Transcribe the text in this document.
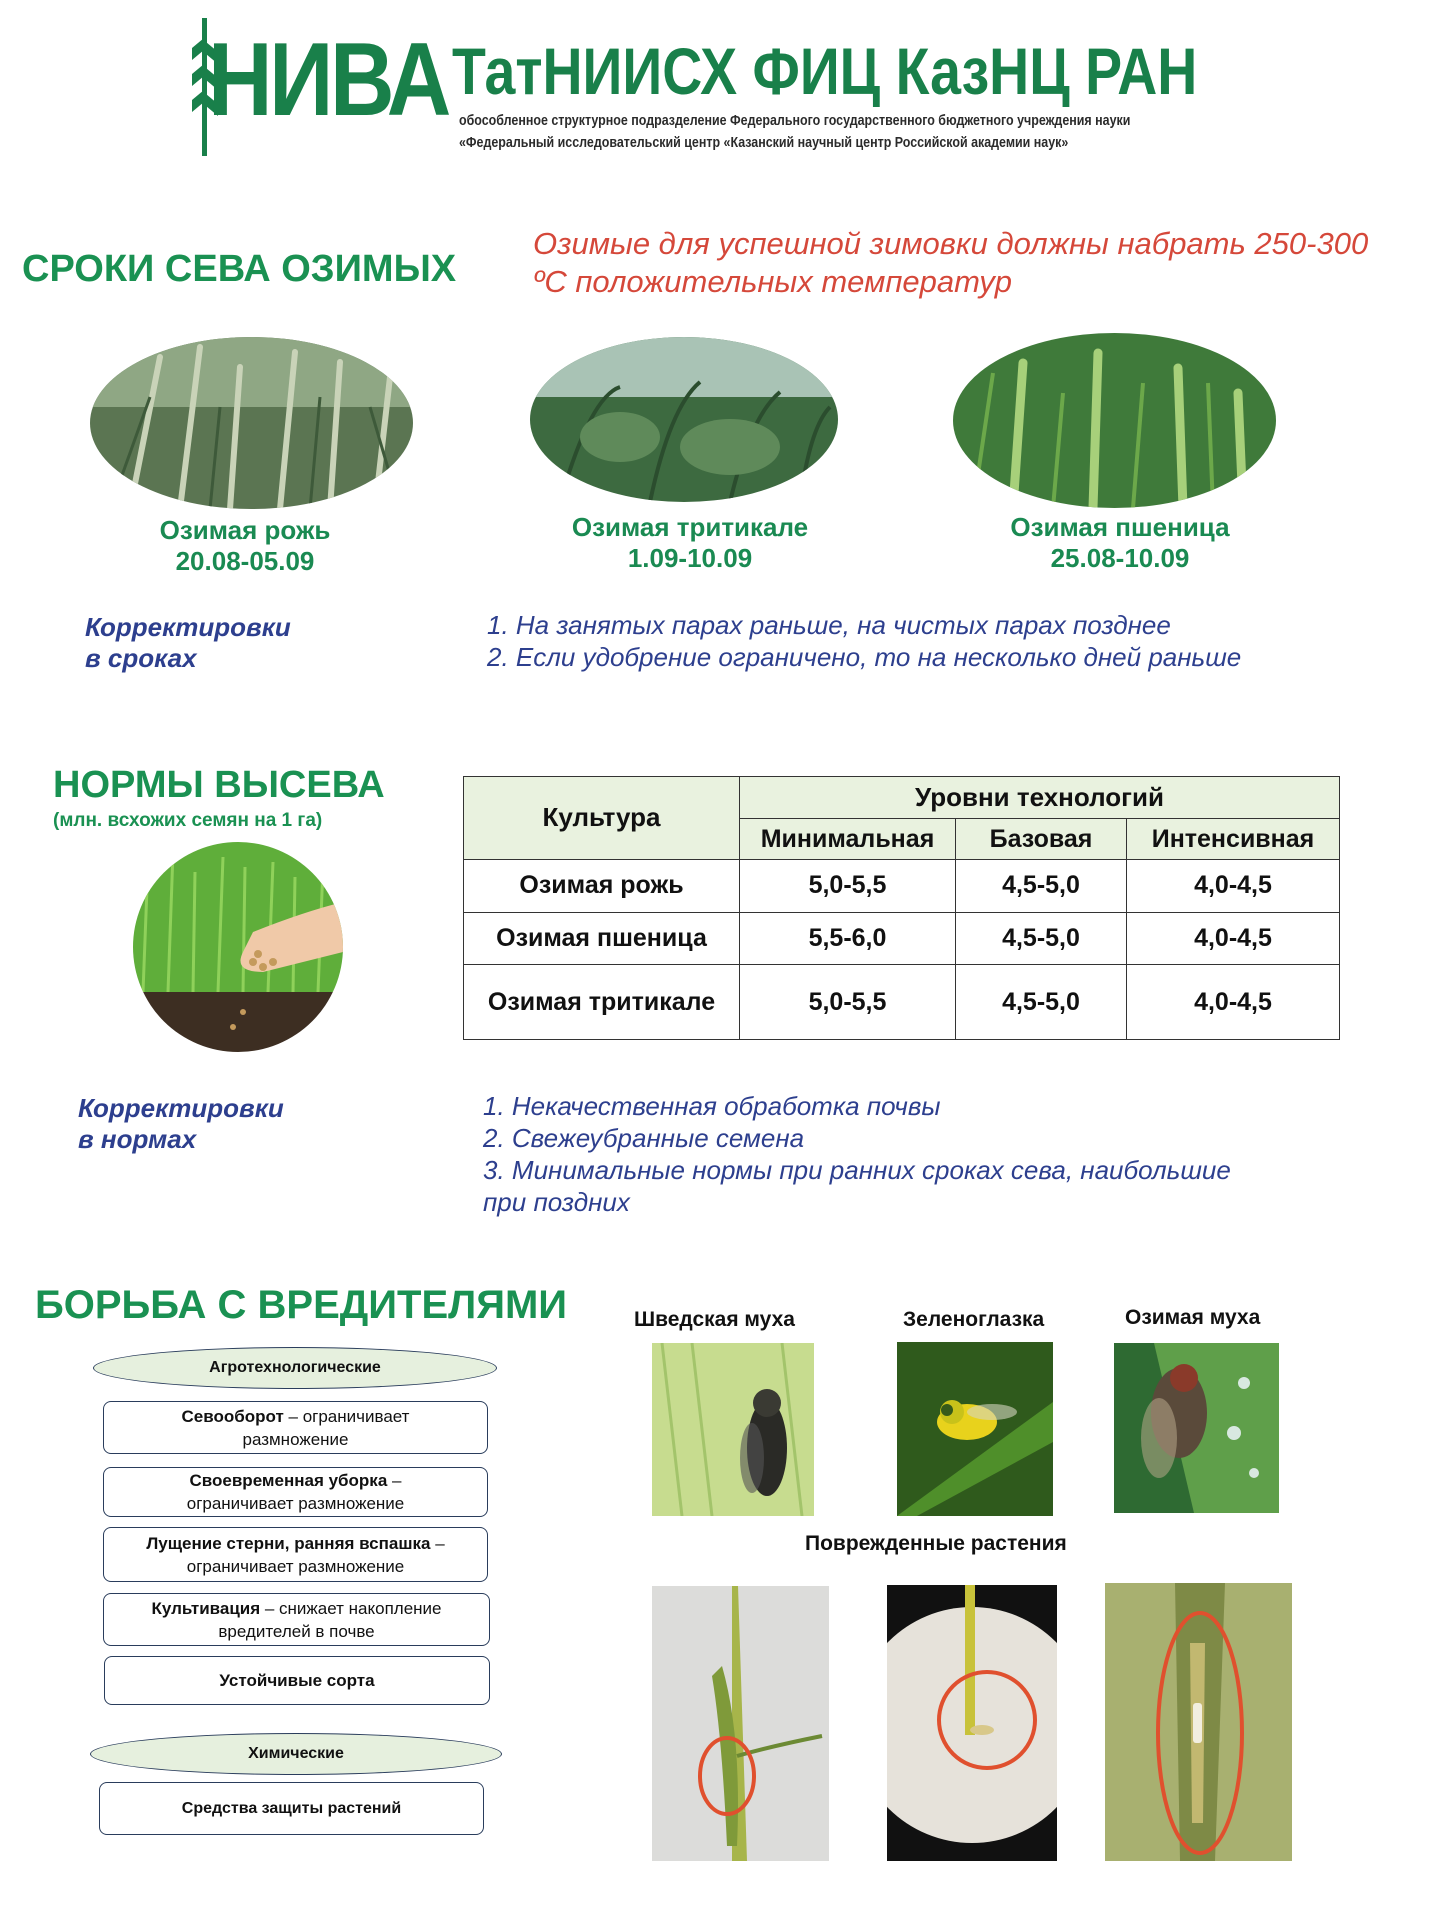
НИВА ТатНИИСХ ФИЦ КазНЦ РАН
обособленное структурное подразделение Федерального государственного бюджетного учреждения науки
«Федеральный исследовательский центр «Казанский научный центр Российской академии наук»
СРОКИ СЕВА ОЗИМЫХ
Озимые для успешной зимовки должны набрать 250-300 ºС положительных температур
Озимая рожь
20.08-05.09
Озимая тритикале
1.09-10.09
Озимая пшеница
25.08-10.09
Корректировки
в сроках
1. На занятых парах раньше, на чистых парах позднее
2. Если удобрение ограничено, то на несколько дней раньше
НОРМЫ ВЫСЕВА
(млн. всхожих семян на 1 га)	Культура	Уровни технологий		
	Минимальная	Базовая	Интенсивная
Озимая рожь	5,0-5,5	4,5-5,0	4,0-4,5
Озимая пшеница	5,5-6,0	4,5-5,0	4,0-4,5
Озимая тритикале	5,0-5,5	4,5-5,0	4,0-4,5
Корректировки
в нормах
1. Некачественная обработка почвы
2. Свежеубранные семена
3. Минимальные нормы при ранних сроках сева, наибольшие
при поздних
БОРЬБА С ВРЕДИТЕЛЯМИ
Агротехнологические
Севооборот – ограничивает
размножение
Своевременная уборка –
ограничивает размножение
Лущение стерни, ранняя вспашка –
ограничивает размножение
Культивация – снижает накопление
вредителей в почве
Устойчивые сорта
Химические
Средства защиты растений
Шведская муха	Зеленоглазка	Озимая муха
Поврежденные растения
